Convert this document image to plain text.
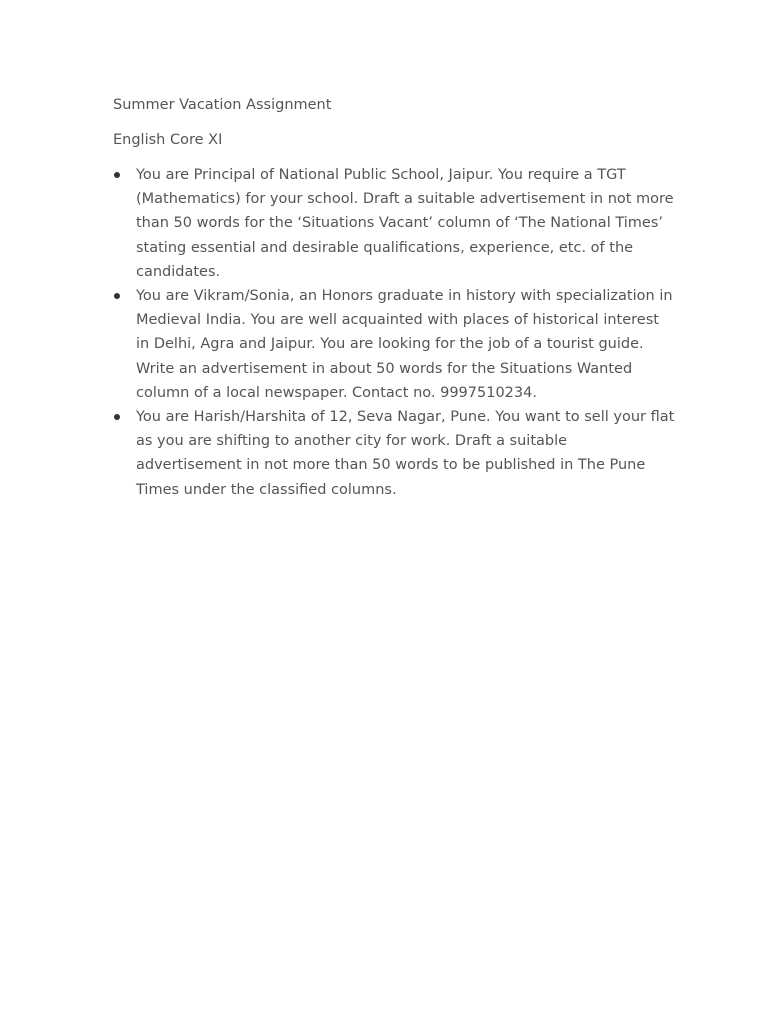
Summer Vacation Assignment

English Core XI

You are Principal of National Public School, Jaipur. You require a TGT (Mathematics) for your school. Draft a suitable advertisement in not more than 50 words for the ‘Situations Vacant’ column of ‘The National Times’ stating essential and desirable qualifications, experience, etc. of the candidates.
You are Vikram/Sonia, an Honors graduate in history with specialization in Medieval India. You are well acquainted with places of historical interest in Delhi, Agra and Jaipur. You are looking for the job of a tourist guide. Write an advertisement in about 50 words for the Situations Wanted column of a local newspaper. Contact no. 9997510234.
You are Harish/Harshita of 12, Seva Nagar, Pune. You want to sell your flat as you are shifting to another city for work. Draft a suitable advertisement in not more than 50 words to be published in The Pune Times under the classified columns.
